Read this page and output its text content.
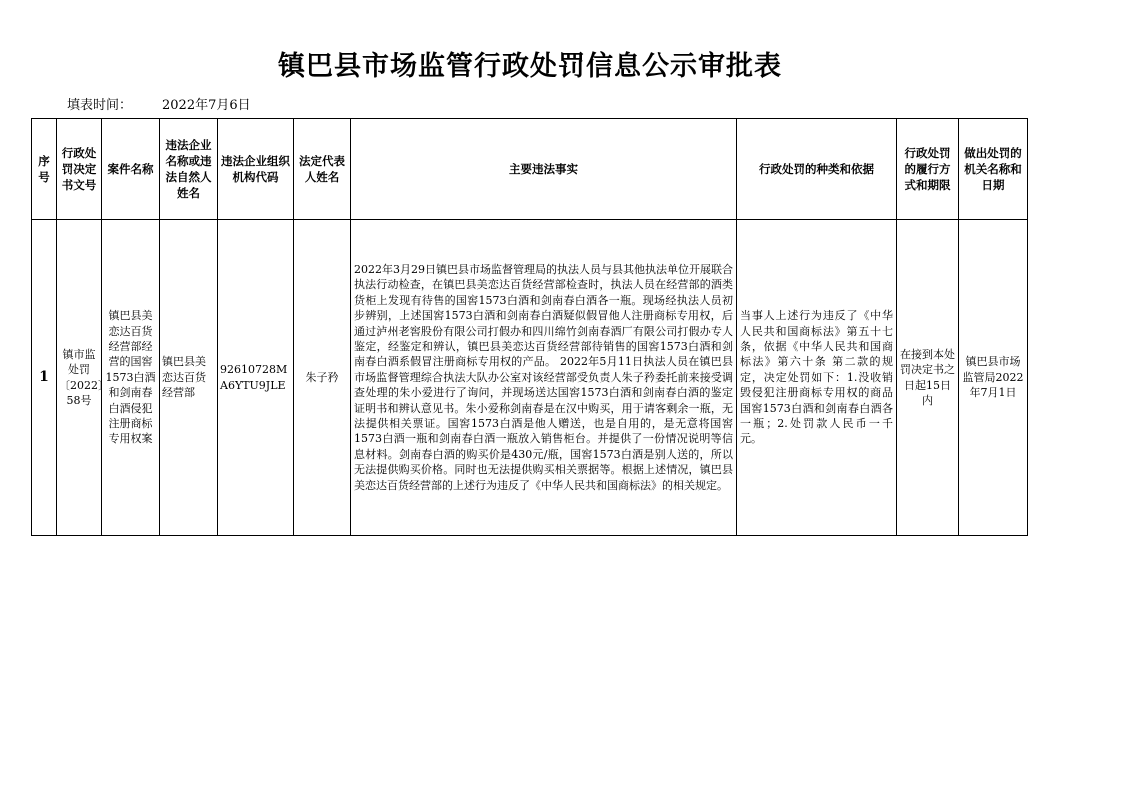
镇巴县市场监管行政处罚信息公示审批表
填表时间： 2022年7月6日
序号	行政处罚决定书文号	案件名称	违法企业名称或违法自然人姓名	违法企业组织机构代码	法定代表人姓名	主要违法事实	行政处罚的种类和依据	行政处罚的履行方式和期限	做出处罚的机关名称和日期
1	镇市监处罚〔2022〕58号	镇巴县美恋达百货经营部经营的国窖1573白酒和剑南春白酒侵犯注册商标专用权案	镇巴县美恋达百货经营部	92610728MA6YTU9JLE	朱子矜	2022年3月29日镇巴县市场监督管理局的执法人员与县其他执法单位开展联合执法行动检查，在镇巴县美恋达百货经营部检查时，执法人员在经营部的酒类货柜上发现有待售的国窖1573白酒和剑南春白酒各一瓶。现场经执法人员初步辨别，上述国窖1573白酒和剑南春白酒疑似假冒他人注册商标专用权，后通过泸州老窖股份有限公司打假办和四川绵竹剑南春酒厂有限公司打假办专人鉴定，经鉴定和辨认，镇巴县美恋达百货经营部待销售的国窖1573白酒和剑南春白酒系假冒注册商标专用权的产品。 2022年5月11日执法人员在镇巴县市场监督管理综合执法大队办公室对该经营部受负责人朱子矜委托前来接受调查处理的朱小爱进行了询问，并现场送达国窖1573白酒和剑南春白酒的鉴定证明书和辨认意见书。朱小爱称剑南春是在汉中购买，用于请客剩余一瓶，无法提供相关票证。国窖1573白酒是他人赠送，也是自用的，是无意将国窖1573白酒一瓶和剑南春白酒一瓶放入销售柜台。并提供了一份情况说明等信息材料。剑南春白酒的购买价是430元/瓶，国窖1573白酒是别人送的，所以无法提供购买价格。同时也无法提供购买相关票据等。根据上述情况，镇巴县美恋达百货经营部的上述行为违反了《中华人民共和国商标法》的相关规定。	当事人上述行为违反了《中华人民共和国商标法》第五十七条，依据《中华人民共和国商标法》第六十条 第二款的规定，决定处罚如下：1.没收销毁侵犯注册商标专用权的商品国窖1573白酒和剑南春白酒各一瓶；2.处罚款人民币一千元。	在接到本处罚决定书之日起15日内	镇巴县市场监管局2022年7月1日
